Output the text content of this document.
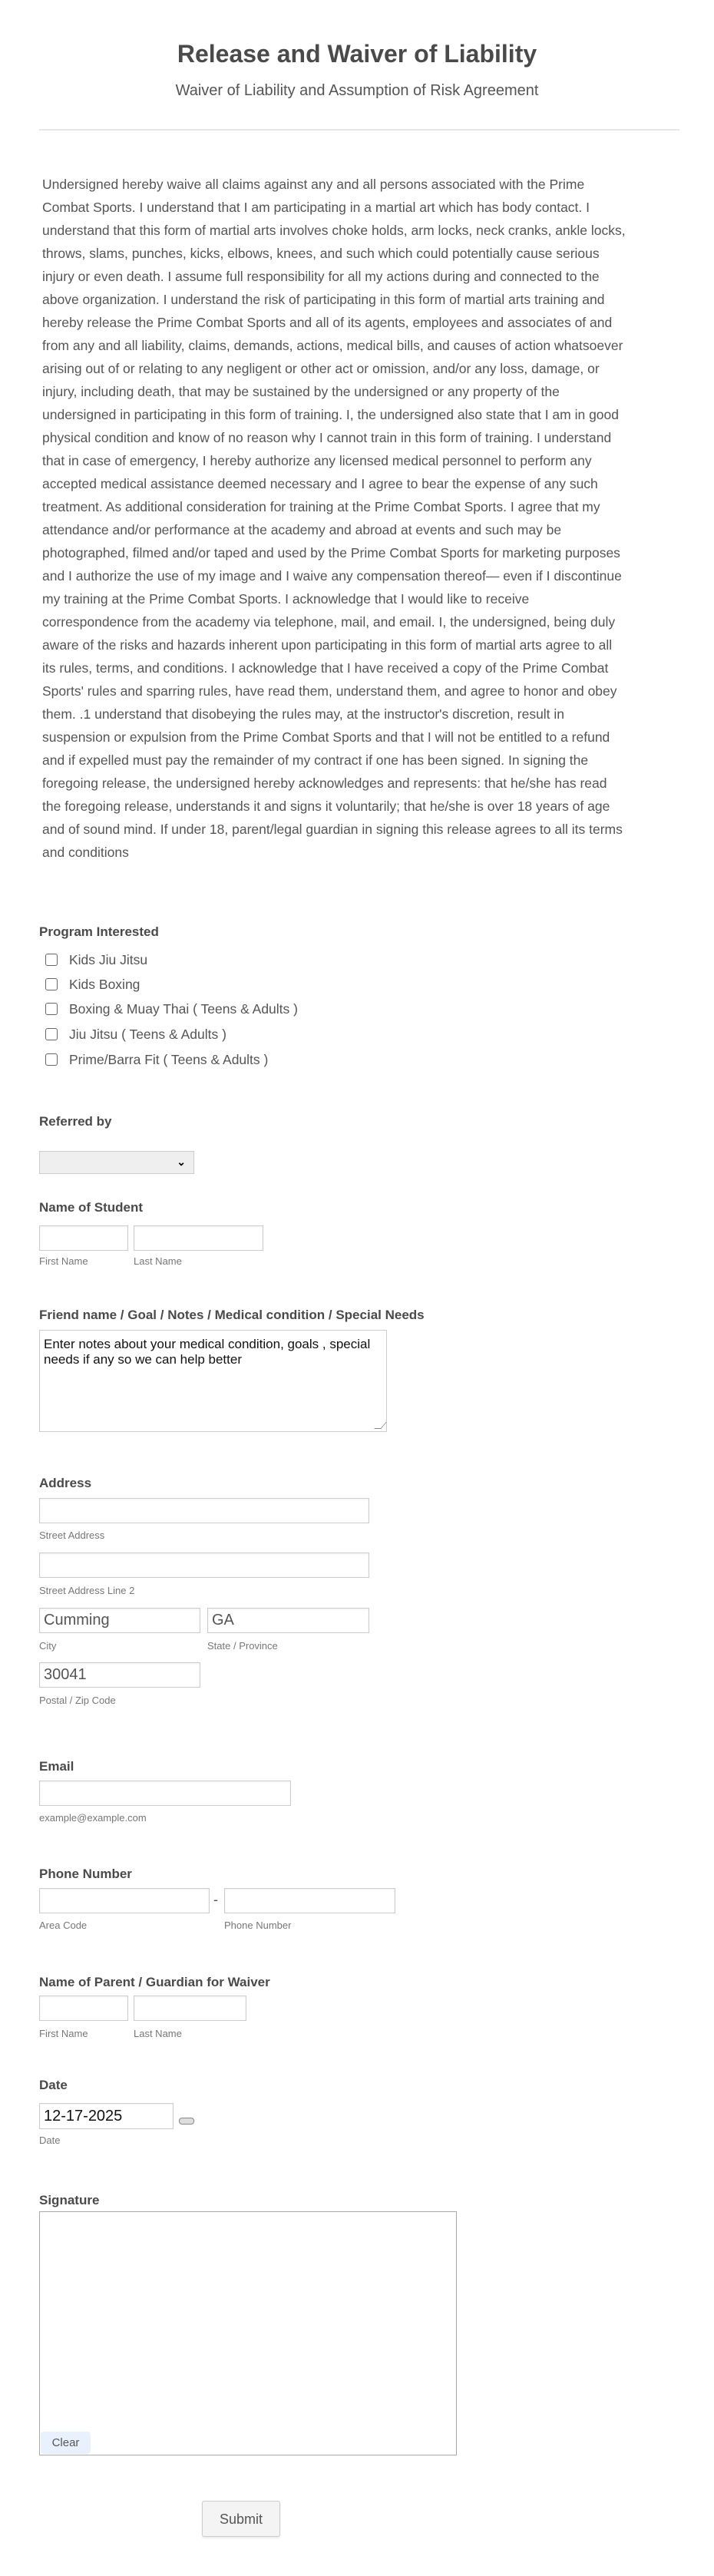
Release and Waiver of Liability
Waiver of Liability and Assumption of Risk Agreement
Undersigned hereby waive all claims against any and all persons associated with the Prime
Combat Sports. I understand that I am participating in a martial art which has body contact. I
understand that this form of martial arts involves choke holds, arm locks, neck cranks, ankle locks,
throws, slams, punches, kicks, elbows, knees, and such which could potentially cause serious
injury or even death. I assume full responsibility for all my actions during and connected to the
above organization. I understand the risk of participating in this form of martial arts training and
hereby release the Prime Combat Sports and all of its agents, employees and associates of and
from any and all liability, claims, demands, actions, medical bills, and causes of action whatsoever
arising out of or relating to any negligent or other act or omission, and/or any loss, damage, or
injury, including death, that may be sustained by the undersigned or any property of the
undersigned in participating in this form of training. I, the undersigned also state that I am in good
physical condition and know of no reason why I cannot train in this form of training. I understand
that in case of emergency, I hereby authorize any licensed medical personnel to perform any
accepted medical assistance deemed necessary and I agree to bear the expense of any such
treatment. As additional consideration for training at the Prime Combat Sports. I agree that my
attendance and/or performance at the academy and abroad at events and such may be
photographed, filmed and/or taped and used by the Prime Combat Sports for marketing purposes
and I authorize the use of my image and I waive any compensation thereof— even if I discontinue
my training at the Prime Combat Sports. I acknowledge that I would like to receive
correspondence from the academy via telephone, mail, and email. I, the undersigned, being duly
aware of the risks and hazards inherent upon participating in this form of martial arts agree to all
its rules, terms, and conditions. I acknowledge that I have received a copy of the Prime Combat
Sports' rules and sparring rules, have read them, understand them, and agree to honor and obey
them. .1 understand that disobeying the rules may, at the instructor's discretion, result in
suspension or expulsion from the Prime Combat Sports and that I will not be entitled to a refund
and if expelled must pay the remainder of my contract if one has been signed. In signing the
foregoing release, the undersigned hereby acknowledges and represents: that he/she has read
the foregoing release, understands it and signs it voluntarily; that he/she is over 18 years of age
and of sound mind. If under 18, parent/legal guardian in signing this release agrees to all its terms
and conditions
Program Interested
Kids Jiu Jitsu
Kids Boxing
Boxing & Muay Thai ( Teens & Adults )
Jiu Jitsu ( Teens & Adults )
Prime/Barra Fit ( Teens & Adults )
Referred by
⌄
Name of Student
First Name	Last Name
Friend name / Goal / Notes / Medical condition / Special Needs
Enter notes about your medical condition, goals , special needs if any so we can help better
Address
Street Address
Street Address Line 2
Cumming
GA
City	State / Province
30041
Postal / Zip Code
Email
example@example.com
Phone Number
-
Area Code	Phone Number
Name of Parent / Guardian for Waiver
First Name	Last Name
Date
12-17-2025
Date
Signature
Clear
Submit
